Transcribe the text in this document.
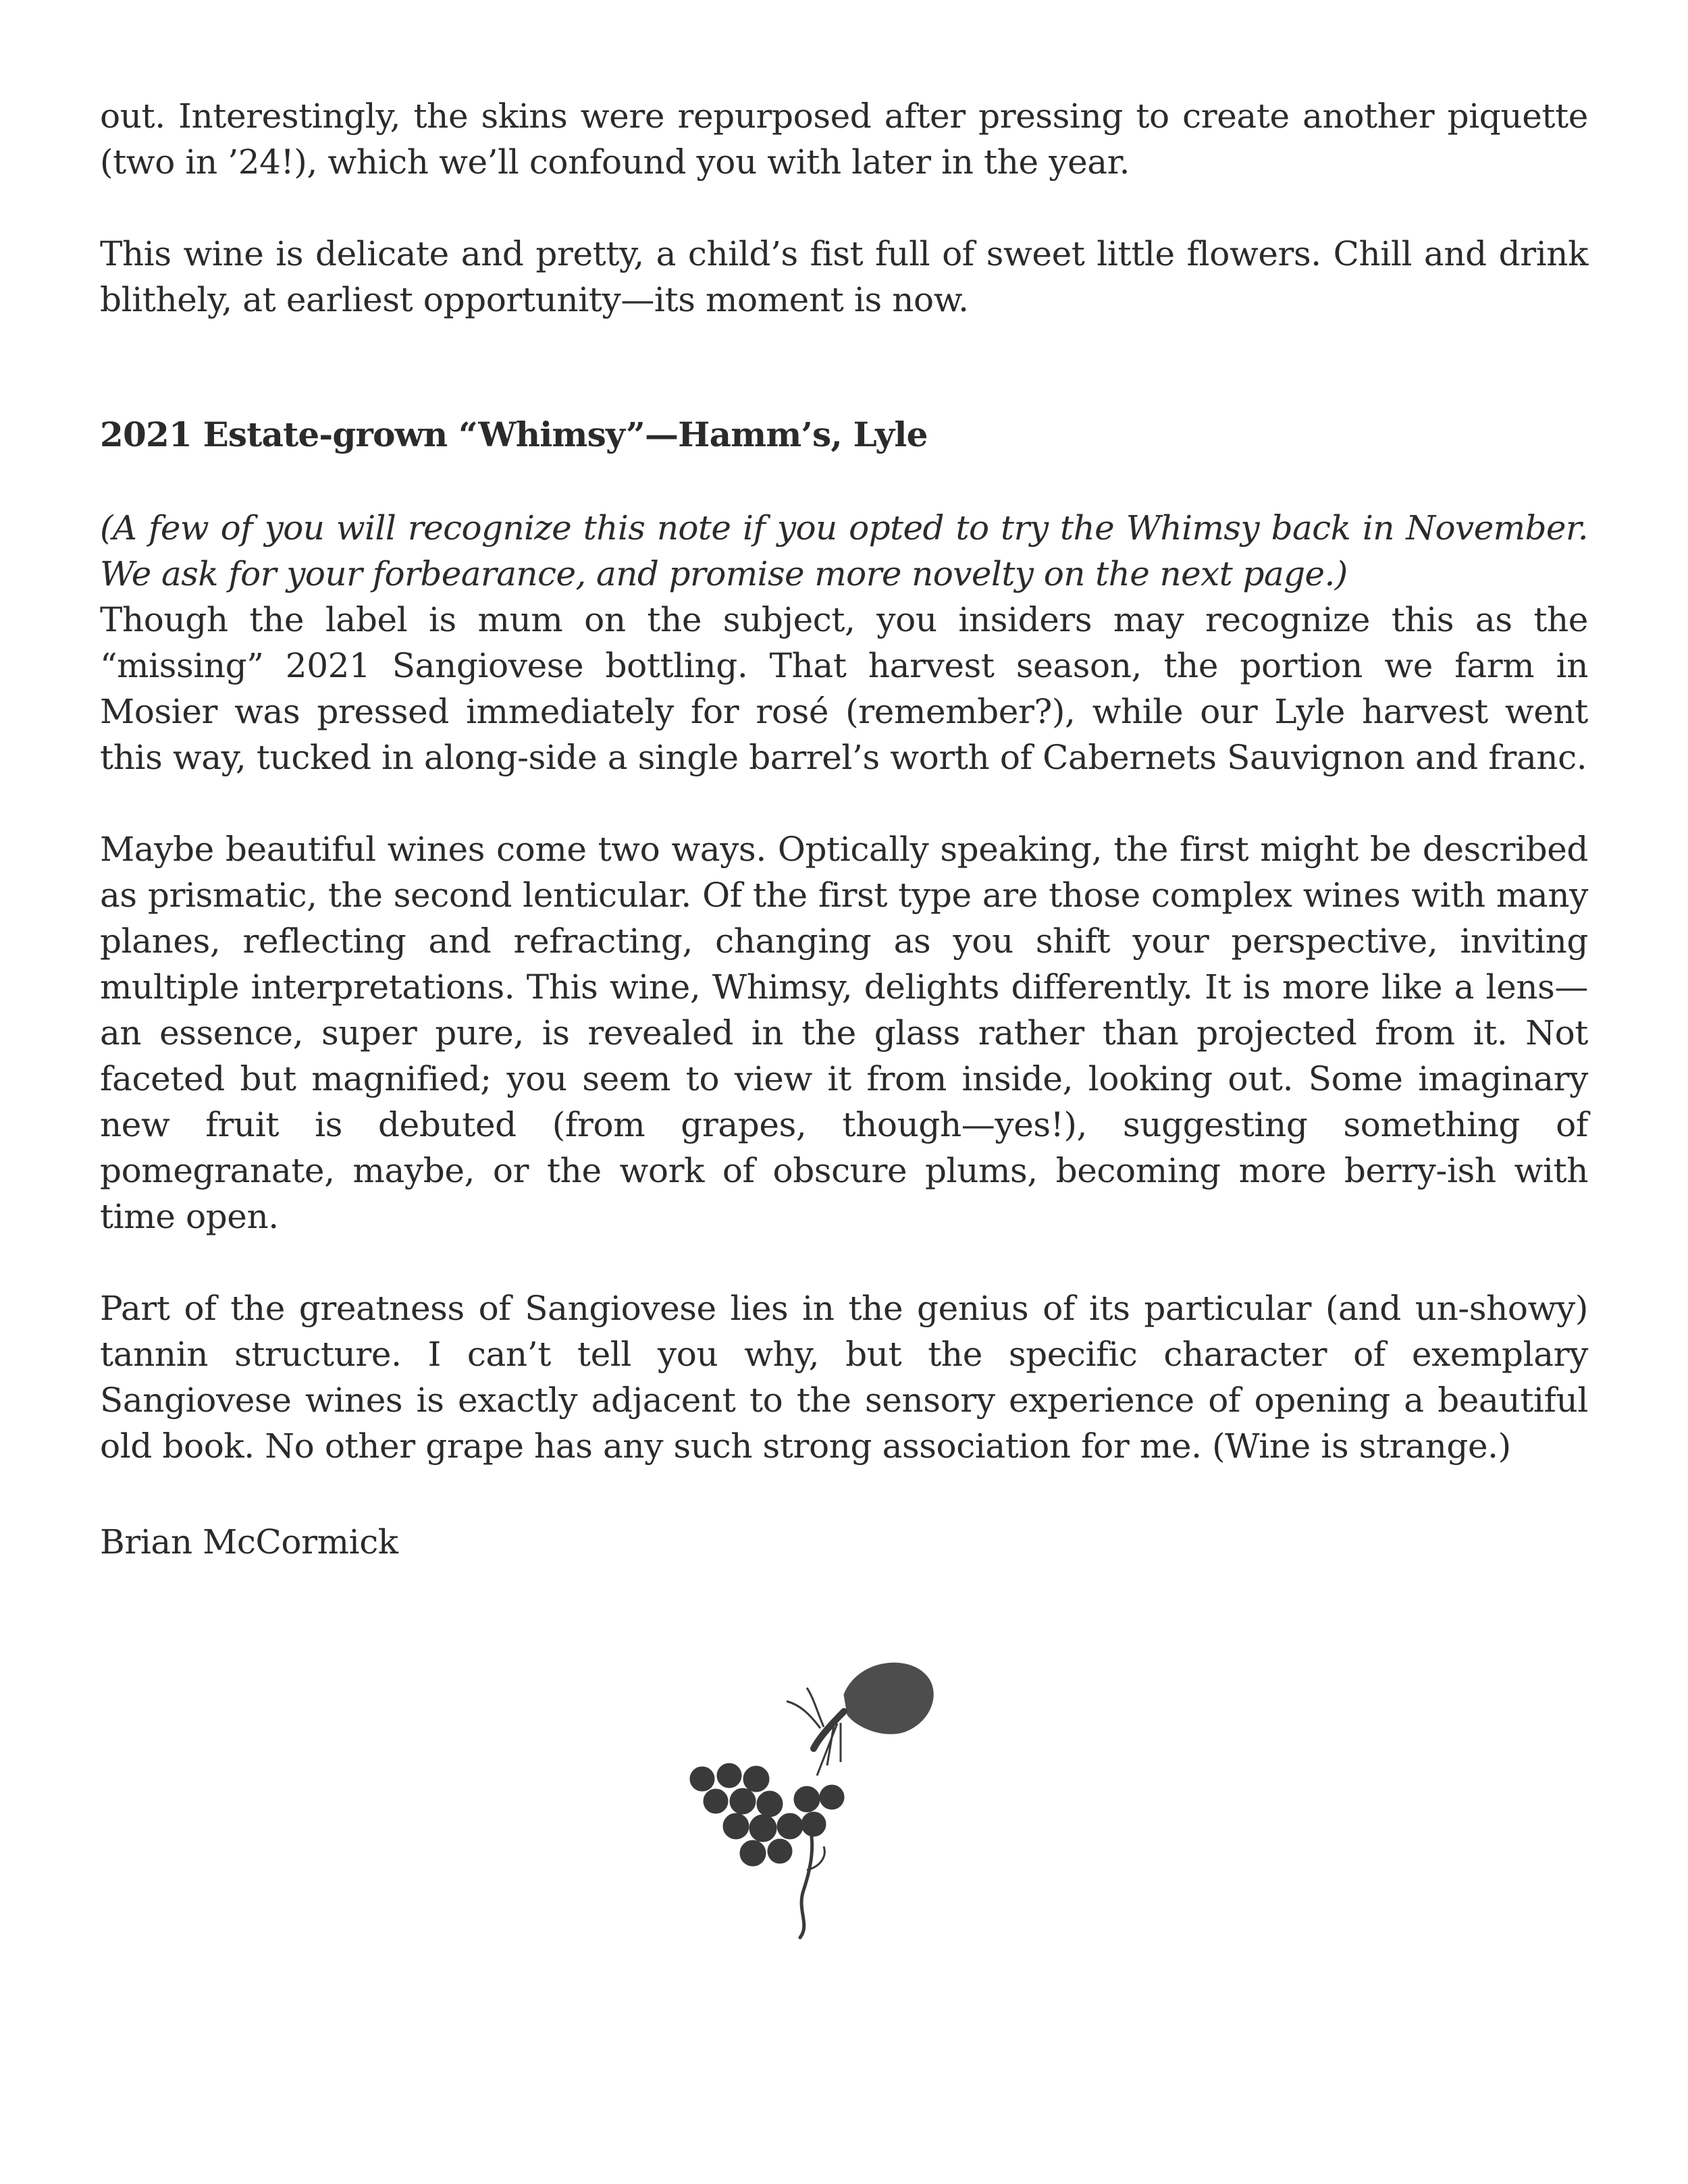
out. Interestingly, the skins were repurposed after pressing to create another piquette (two in ’24!), which we’ll confound you with later in the year.

This wine is delicate and pretty, a child’s fist full of sweet little flowers. Chill and drink blithely, at earliest opportunity—its moment is now.

2021 Estate-grown “Whimsy”—Hamm’s, Lyle

(A few of you will recognize this note if you opted to try the Whimsy back in November. We ask for your forbearance, and promise more novelty on the next page.)

Though the label is mum on the subject, you insiders may recognize this as the “missing” 2021 Sangiovese bottling. That harvest season, the portion we farm in Mosier was pressed immediately for rosé (remember?), while our Lyle harvest went this way, tucked in along-side a single barrel’s worth of Cabernets Sauvignon and franc.

Maybe beautiful wines come two ways. Optically speaking, the first might be described as prismatic, the second lenticular. Of the first type are those complex wines with many planes, reflecting and refracting, changing as you shift your perspective, inviting multiple interpretations. This wine, Whimsy, delights differently. It is more like a lens—an essence, super pure, is revealed in the glass rather than projected from it. Not faceted but magnified; you seem to view it from inside, looking out. Some imaginary new fruit is debuted (from grapes, though—yes!), suggesting something of pomegranate, maybe, or the work of obscure plums, becoming more berry-ish with time open.

Part of the greatness of Sangiovese lies in the genius of its particular (and un-showy) tannin structure. I can’t tell you why, but the specific character of exemplary Sangiovese wines is exactly adjacent to the sensory experience of opening a beautiful old book. No other grape has any such strong association for me. (Wine is strange.)

Brian McCormick
